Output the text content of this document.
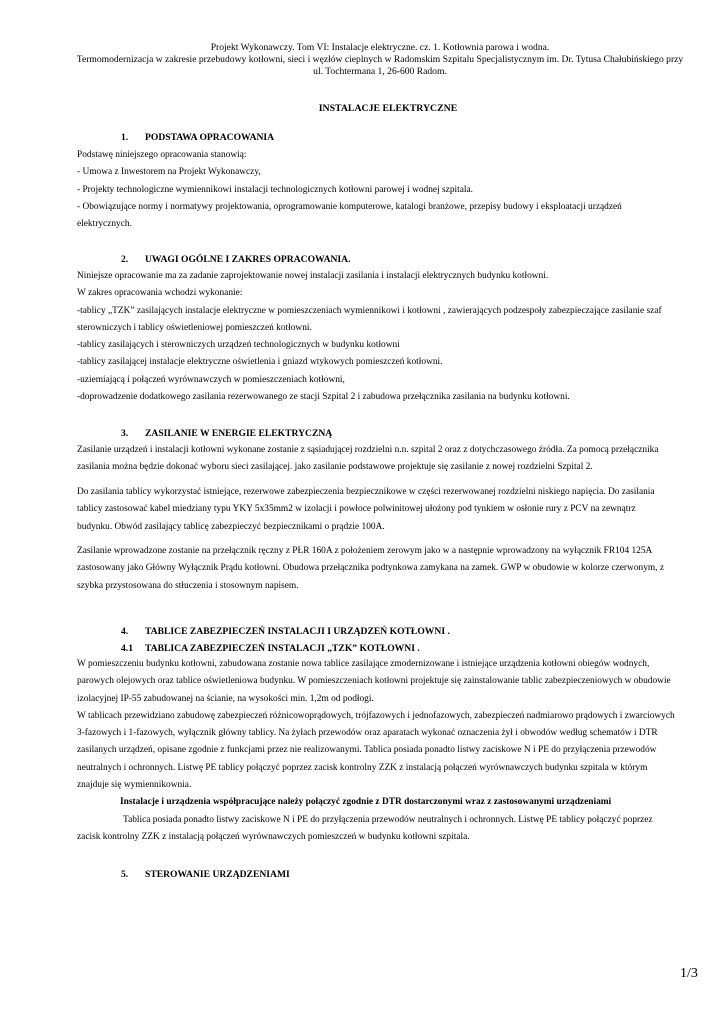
Projekt Wykonawczy. Tom VI: Instalacje elektryczne. cz. 1. Kotłownia parowa i wodna.
Termomodernizacja w zakresie przebudowy kotłowni, sieci i węzłów cieplnych w Radomskim Szpitalu Specjalistycznym im. Dr. Tytusa Chałubińskiego przy
ul. Tochtermana 1, 26-600 Radom.
INSTALACJE ELEKTRYCZNE
1. PODSTAWA OPRACOWANIA
Podstawę niniejszego opracowania stanowią:
- Umowa z Inwestorem na Projekt Wykonawczy,
- Projekty technologiczne wymiennikowi instalacji technologicznych kotłowni parowej i wodnej szpitala.
- Obowiązujące normy i normatywy projektowania, oprogramowanie komputerowe, katalogi branżowe, przepisy budowy i eksploatacji urządzeń
elektrycznych.
2. UWAGI OGÓLNE I ZAKRES OPRACOWANIA.
Niniejsze opracowanie ma za zadanie zaprojektowanie nowej instalacji zasilania i instalacji elektrycznych budynku kotłowni.
W zakres opracowania wchodzi wykonanie:
-tablicy „TZK” zasilających instalacje elektryczne w pomieszczeniach wymiennikowi i kotłowni , zawierających podzespoły zabezpieczające zasilanie szaf
sterowniczych i tablicy oświetleniowej pomieszczeń kotłowni.
-tablicy zasilających i sterowniczych urządzeń technologicznych w budynku kotłowni
-tablicy zasilającej instalacje elektryczne oświetlenia i gniazd wtykowych pomieszczeń kotłowni.
-uziemiającą i połączeń wyrównawczych w pomieszczeniach kotłowni,
-doprowadzenie dodatkowego zasilania rezerwowanego ze stacji Szpital 2 i zabudowa przełącznika zasilania na budynku kotłowni.
3. ZASILANIE W ENERGIE ELEKTRYCZNĄ
Zasilanie urządzeń i instalacji kotłowni wykonane zostanie z sąsiadującej rozdzielni n.n. szpital 2 oraz z dotychczasowego źródła. Za pomocą przełącznika
zasilania można będzie dokonać wyboru sieci zasilającej. jako zasilanie podstawowe projektuje się zasilanie z nowej rozdzielni Szpital 2.
Do zasilania tablicy wykorzystać istniejące, rezerwowe zabezpieczenia bezpiecznikowe w części rezerwowanej rozdzielni niskiego napięcia. Do zasilania
tablicy zastosować kabel miedziany typu YKY 5x35mm2 w izolacji i powłoce polwinitowej ułożony pod tynkiem w osłonie rury z PCV na zewnątrz
budynku. Obwód zasilający tablicę zabezpieczyć bezpiecznikami o prądzie 100A.
Zasilanie wprowadzone zostanie na przełącznik ręczny z PŁR 160A z położeniem zerowym jako w a następnie wprowadzony na wyłącznik FR104 125A
zastosowany jako Główny Wyłącznik Prądu kotłowni. Obudowa przełącznika podtynkowa zamykana na zamek. GWP w obudowie w kolorze czerwonym, z
szybka przystosowana do stłuczenia i stosownym napisem.
4. TABLICE ZABEZPIECZEŃ INSTALACJI I URZĄDZEŃ KOTŁOWNI .
4.1 TABLICA ZABEZPIECZEŃ INSTALACJI „TZK” KOTŁOWNI .
W pomieszczeniu budynku kotłowni, zabudowana zostanie nowa tablice zasilające zmodernizowane i istniejące urządzenia kotłowni obiegów wodnych,
parowych olejowych oraz tablice oświetleniowa budynku. W pomieszczeniach kotłowni projektuje się zainstalowanie tablic zabezpieczeniowych w obudowie
izolacyjnej IP-55 zabudowanej na ścianie, na wysokości min. 1,2m od podłogi.
W tablicach przewidziano zabudowę zabezpieczeń różnicowoprądowych, trójfazowych i jednofazowych, zabezpieczeń nadmiarowo prądowych i zwarciowych
3-fazowych i 1-fazowych, wyłącznik główny tablicy. Na żyłach przewodów oraz aparatach wykonać oznaczenia żył i obwodów według schematów i DTR
zasilanych urządzeń, opisane zgodnie z funkcjami przez nie realizowanymi. Tablica posiada ponadto listwy zaciskowe N i PE do przyłączenia przewodów
neutralnych i ochronnych. Listwę PE tablicy połączyć poprzez zacisk kontrolny ZZK z instalacją połączeń wyrównawczych budynku szpitala w którym
znajduje się wymiennikownia.
Instalacje i urządzenia współpracujące należy połączyć zgodnie z DTR dostarczonymi wraz z zastosowanymi urządzeniami
Tablica posiada ponadto listwy zaciskowe N i PE do przyłączenia przewodów neutralnych i ochronnych. Listwę PE tablicy połączyć poprzez
zacisk kontrolny ZZK z instalacją połączeń wyrównawczych pomieszczeń w budynku kotłowni szpitala.
5. STEROWANIE URZĄDZENIAMI
1/3
